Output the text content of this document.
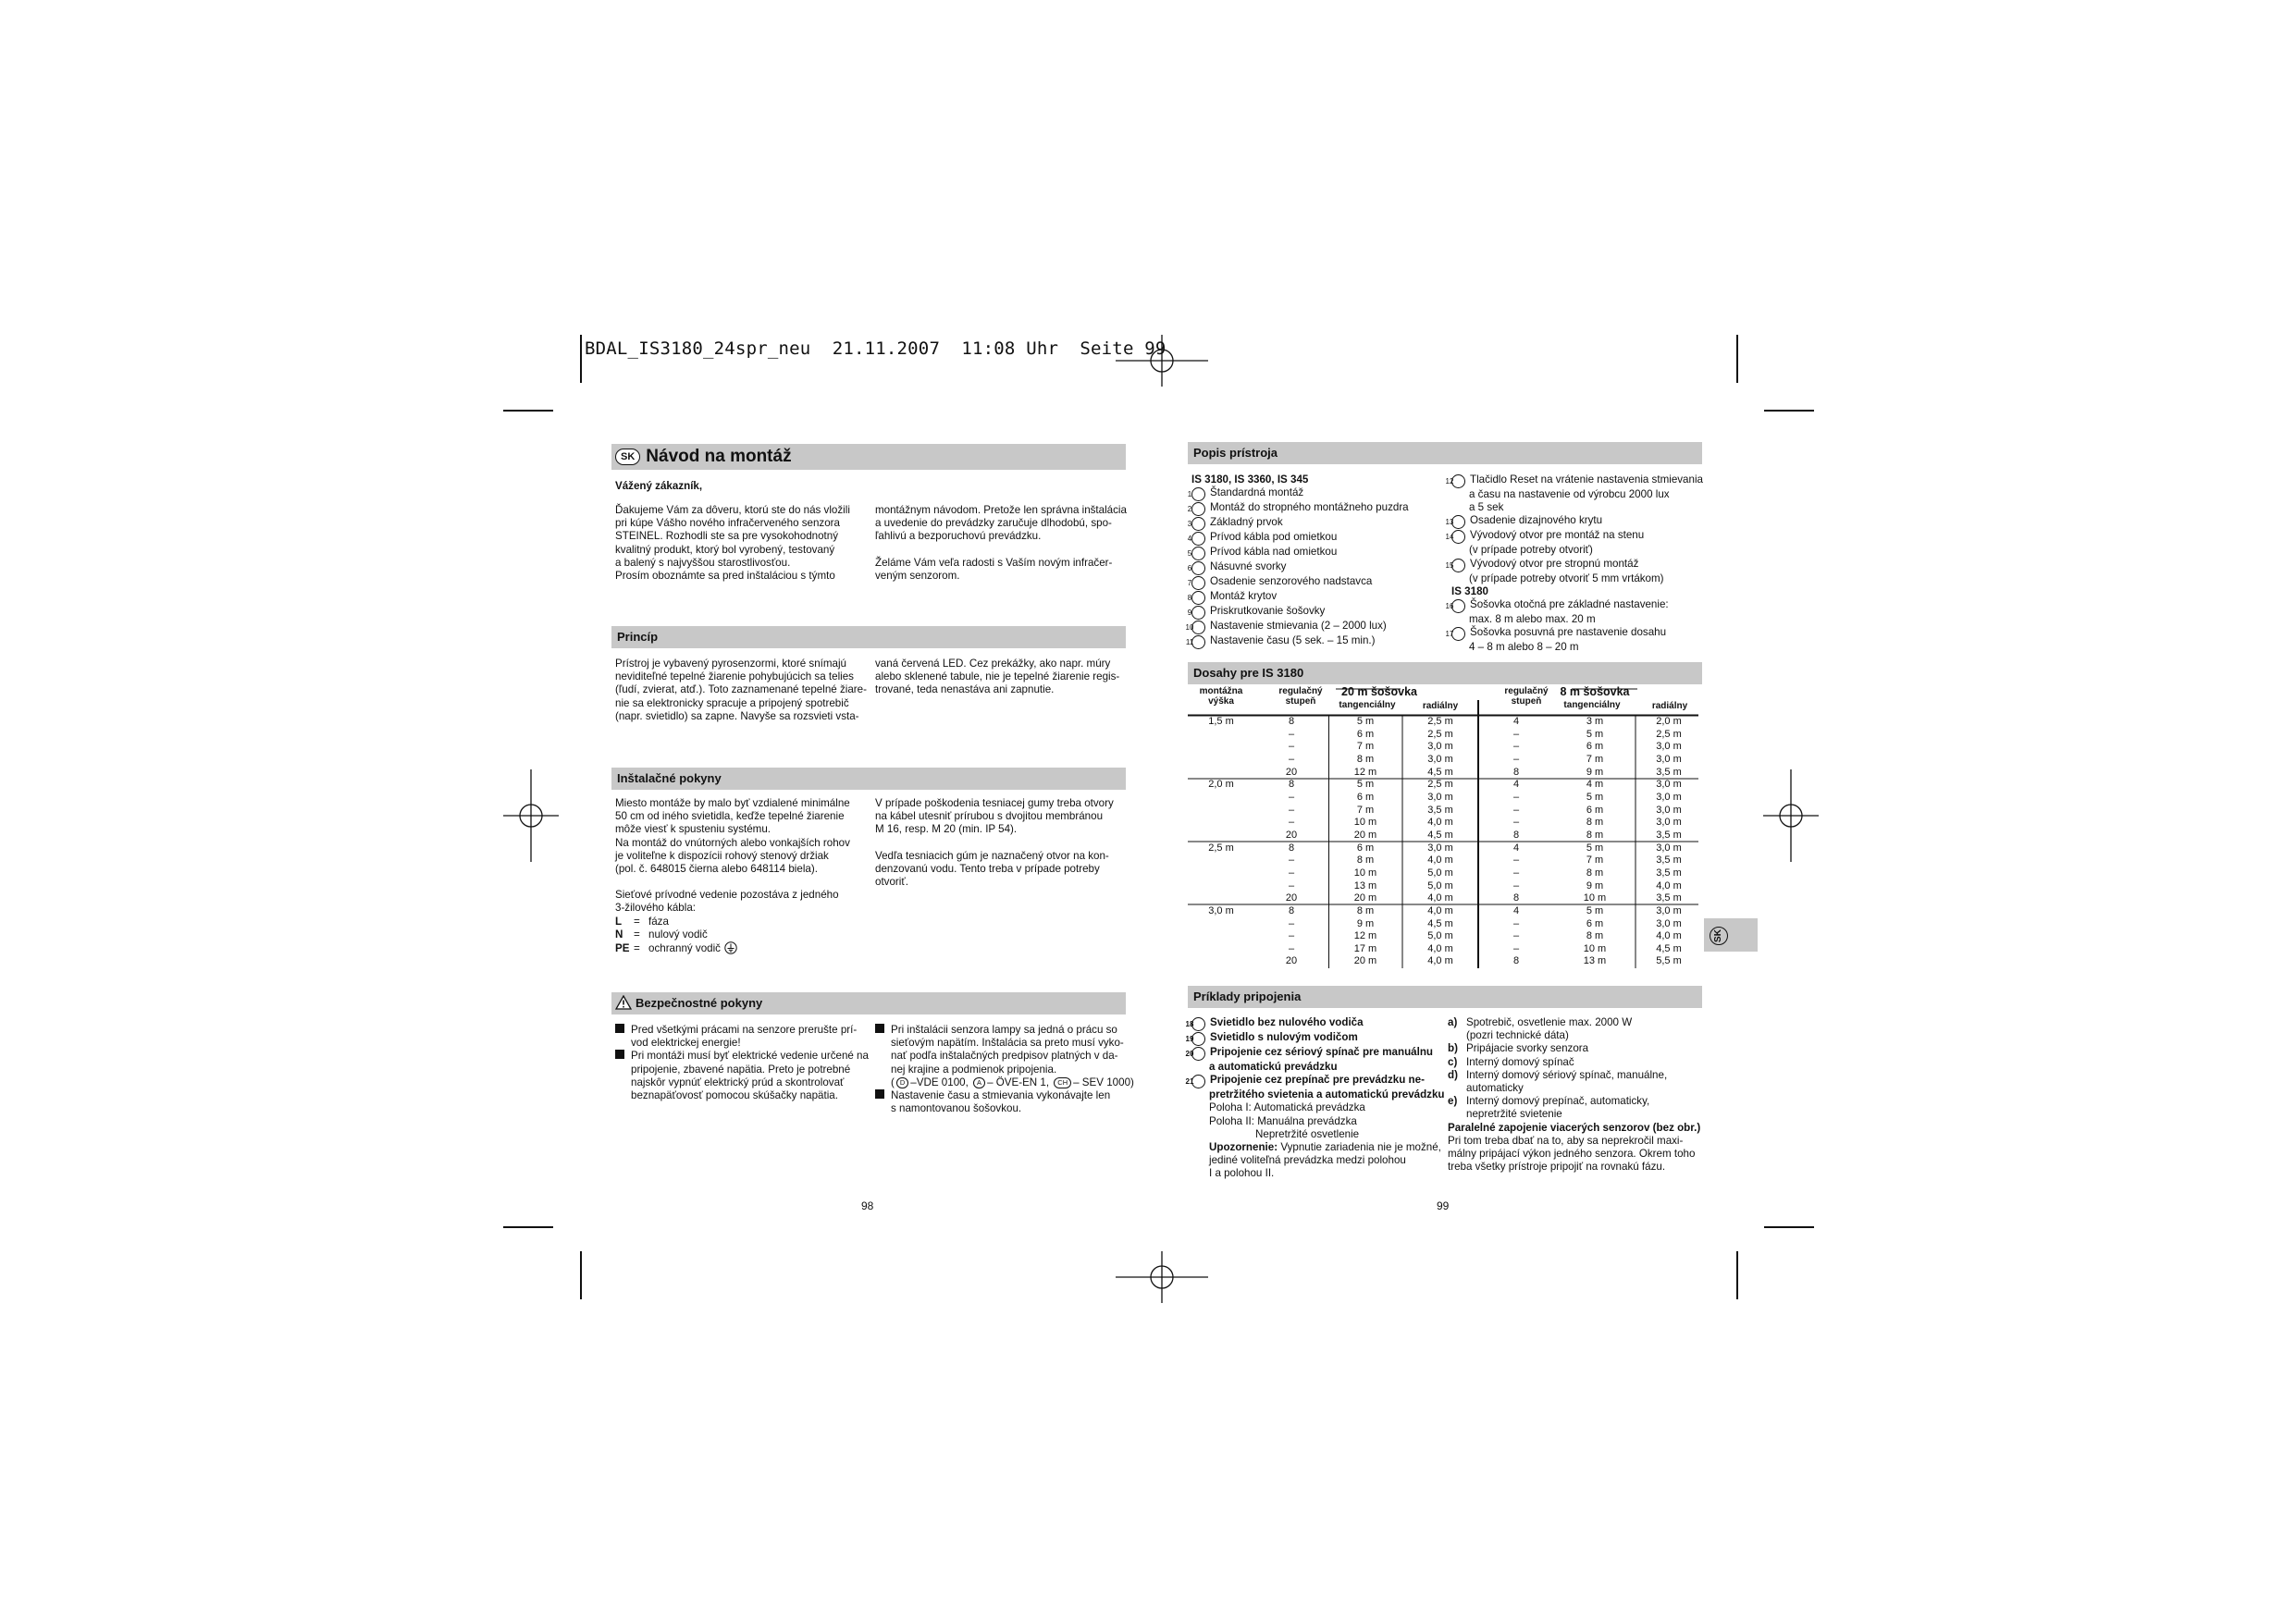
BDAL_IS3180_24spr_neu  21.11.2007  11:08 Uhr  Seite 99
SK Návod na montáž
Vážený zákazník,
Ďakujeme Vám za dôveru, ktorú ste do nás vložili
pri kúpe Vášho nového infračerveného senzora
STEINEL. Rozhodli ste sa pre vysokohodnotný
kvalitný produkt, ktorý bol vyrobený, testovaný
a balený s najvyššou starostlivosťou.
Prosím oboznámte sa pred inštaláciou s týmto
montážnym návodom. Pretože len správna inštalácia
a uvedenie do prevádzky zaručuje dlhodobú, spo-
ľahlivú a bezporuchovú prevádzku.
Želáme Vám veľa radosti s Vaším novým infračer-
veným senzorom.
Princíp
Prístroj je vybavený pyrosenzormi, ktoré snímajú
neviditeľné tepelné žiarenie pohybujúcich sa telies
(ľudí, zvierat, atď.). Toto zaznamenané tepelné žiare-
nie sa elektronicky spracuje a pripojený spotrebič
(napr. svietidlo) sa zapne. Navyše sa rozsvieti vsta-
vaná červená LED. Cez prekážky, ako napr. múry
alebo sklenené tabule, nie je tepelné žiarenie regis-
trované, teda nenastáva ani zapnutie.
Inštalačné pokyny
Miesto montáže by malo byť vzdialené minimálne
50 cm od iného svietidla, keďže tepelné žiarenie
môže viesť k spusteniu systému.
Na montáž do vnútorných alebo vonkajších rohov
je voliteľne k dispozícii rohový stenový držiak
(pol. č. 648015 čierna alebo 648114 biela).
Sieťové prívodné vedenie pozostáva z jedného
3-žilového kábla:
L = fáza
N = nulový vodič
PE = ochranný vodič
V prípade poškodenia tesniacej gumy treba otvory
na kábel utesniť prírubou s dvojitou membránou
M 16, resp. M 20 (min. IP 54).
Vedľa tesniacich gúm je naznačený otvor na kon-
denzovanú vodu. Tento treba v prípade potreby
otvoriť.
Bezpečnostné pokyny
Pred všetkými prácami na senzore prerušte prí-
vod elektrickej energie!
Pri montáži musí byť elektrické vedenie určené na
pripojenie, zbavené napätia. Preto je potrebné
najskôr vypnúť elektrický prúd a skontrolovať
beznapäťovosť pomocou skúšačky napätia.
Pri inštalácii senzora lampy sa jedná o prácu so
sieťovým napätím. Inštalácia sa preto musí vyko-
nať podľa inštalačných predpisov platných v da-
nej krajine a podmienok pripojenia.
( D –VDE 0100, A – ÖVE-EN 1, CH – SEV 1000)
Nastavenie času a stmievania vykonávajte len
s namontovanou šošovkou.
98
Popis prístroja
IS 3180, IS 3360, IS 345
1 Štandardná montáž
2 Montáž do stropného montážneho puzdra
3 Základný prvok
4 Prívod kábla pod omietkou
5 Prívod kábla nad omietkou
6 Násuvné svorky
7 Osadenie senzorového nadstavca
8 Montáž krytov
9 Priskrutkovanie šošovky
10 Nastavenie stmievania (2 – 2000 lux)
11 Nastavenie času (5 sek. – 15 min.)
12 Tlačidlo Reset na vrátenie nastavenia stmievania
a času na nastavenie od výrobcu 2000 lux
a 5 sek
13 Osadenie dizajnového krytu
14 Vývodový otvor pre montáž na stenu
(v prípade potreby otvoriť)
15 Vývodový otvor pre stropnú montáž
(v prípade potreby otvoriť 5 mm vrtákom)
IS 3180
16 Šošovka otočná pre základné nastavenie:
max. 8 m alebo max. 20 m
17 Šošovka posuvná pre nastavenie dosahu
4 – 8 m alebo 8 – 20 m
Dosahy pre IS 3180
montážna
výška
regulačný
stupeň
20 m šošovka
tangenciálny	radiálny
regulačný
stupeň
8 m šošovka
tangenciálny	radiálny
1,5 m	8	5 m	2,5 m	4	3 m	2,0 m
	–	6 m	2,5 m	–	5 m	2,5 m
	–	7 m	3,0 m	–	6 m	3,0 m
	–	8 m	3,0 m	–	7 m	3,0 m
	20	12 m	4,5 m	8	9 m	3,5 m
2,0 m	8	5 m	2,5 m	4	4 m	3,0 m
	–	6 m	3,0 m	–	5 m	3,0 m
	–	7 m	3,5 m	–	6 m	3,0 m
	–	10 m	4,0 m	–	8 m	3,0 m
	20	20 m	4,5 m	8	8 m	3,5 m
2,5 m	8	6 m	3,0 m	4	5 m	3,0 m
	–	8 m	4,0 m	–	7 m	3,5 m
	–	10 m	5,0 m	–	8 m	3,5 m
	–	13 m	5,0 m	–	9 m	4,0 m
	20	20 m	4,0 m	8	10 m	3,5 m
3,0 m	8	8 m	4,0 m	4	5 m	3,0 m
	–	9 m	4,5 m	–	6 m	3,0 m
	–	12 m	5,0 m	–	8 m	4,0 m
	–	17 m	4,0 m	–	10 m	4,5 m
	20	20 m	4,0 m	8	13 m	5,5 m
Príklady pripojenia
18 Svietidlo bez nulového vodiča
19 Svietidlo s nulovým vodičom
20 Pripojenie cez sériový spínač pre manuálnu
a automatickú prevádzku
21 Pripojenie cez prepínač pre prevádzku ne-
pretržitého svietenia a automatickú prevádzku
Poloha I: Automatická prevádzka
Poloha II: Manuálna prevádzka
Nepretržité osvetlenie
Upozornenie: Vypnutie zariadenia nie je možné,
jediné voliteľná prevádzka medzi polohou
I a polohou II.
a) Spotrebič, osvetlenie max. 2000 W
(pozri technické dáta)
b) Pripájacie svorky senzora
c) Interný domový spínač
d) Interný domový sériový spínač, manuálne,
automaticky
e) Interný domový prepínač, automaticky,
nepretržité svietenie
Paralelné zapojenie viacerých senzorov (bez obr.)
Pri tom treba dbať na to, aby sa neprekročil maxi-
málny pripájací výkon jedného senzora. Okrem toho
treba všetky prístroje pripojiť na rovnakú fázu.
SK
99
